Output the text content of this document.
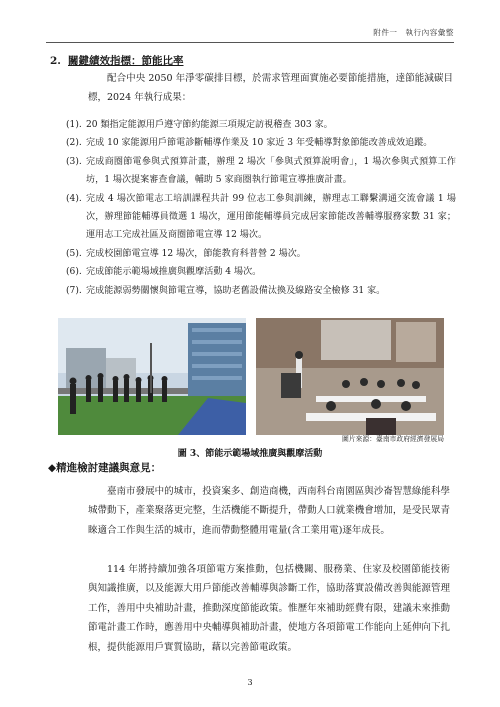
附件一 執行內容彙整
2. 關鍵績效指標：節能比率

配合中央 2050 年淨零碳排目標，於需求管理面實施必要節能措施，達節能減碳目標，2024 年執行成果：

(1). 20 類指定能源用戶遵守節約能源三項規定訪視稽查 303 家。
(2). 完成 10 家能源用戶節電診斷輔導作業及 10 家近 3 年受輔導對象節能改善成效追蹤。
(3). 完成商圈節電參與式預算計畫，辦理 2 場次「參與式預算說明會」，1 場次參與式預算工作坊，1 場次提案審查會議，輔助 5 家商圈執行節電宣導推廣計畫。
(4). 完成 4 場次節電志工培訓課程共計 99 位志工參與訓練，辦理志工聯繫溝通交流會議 1 場次，辦理節能輔導員徵選 1 場次，運用節能輔導員完成居家節能改善輔導服務家數 31 家；運用志工完成社區及商圈節電宣導 12 場次。
(5). 完成校園節電宣導 12 場次，節能教育科普營 2 場次。
(6). 完成節能示範場域推廣與觀摩活動 4 場次。
(7). 完成能源弱勢關懷與節電宣導，協助老舊設備汰換及線路安全檢修 31 家。
圖片來源：臺南市政府經濟發展局
圖 3、節能示範場域推廣與觀摩活動
◆精進檢討建議與意見：

臺南市發展中的城市，投資案多、創造商機，西南科台南園區與沙崙智慧綠能科學城帶動下，產業聚落更完整，生活機能不斷提升，帶動人口就業機會增加，是受民眾青睞適合工作與生活的城市，進而帶動整體用電量(含工業用電)逐年成長。

114 年將持續加強各項節電方案推動，包括機關、服務業、住家及校園節能技術與知識推廣，以及能源大用戶節能改善輔導與診斷工作，協助落實設備改善與能源管理工作，善用中央補助計畫，推動深度節能政策。惟歷年來補助經費有限，建議未來推動節電計畫工作時，應善用中央輔導與補助計畫，使地方各項節電工作能向上延伸向下扎根，提供能源用戶實質協助，藉以完善節電政策。

3
